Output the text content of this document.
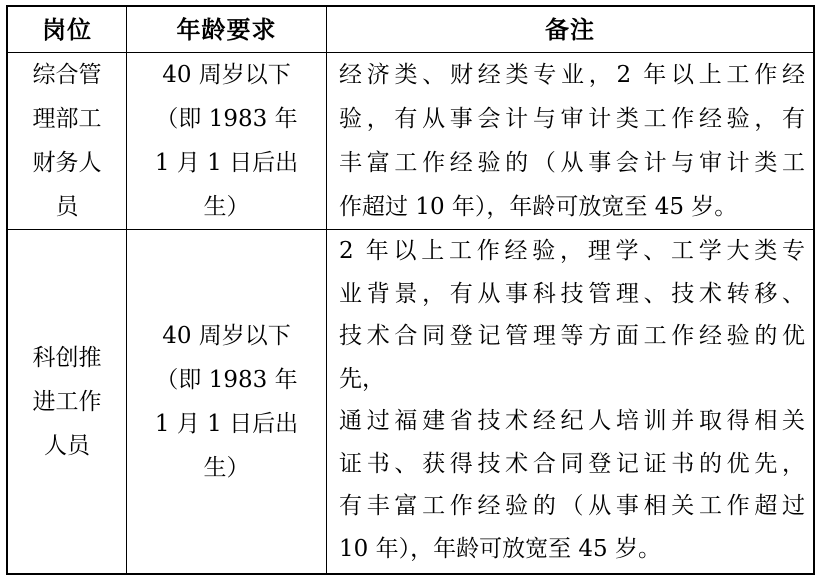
岗位	年龄要求	备注
综合管
理部工
财务人
员
40 周岁以下
（即 1983 年
1 月 1 日后出
生）
经济类、财经类专业，2 年以上工作经
验，有从事会计与审计类工作经验，有
丰富工作经验的（从事会计与审计类工
作超过 10 年），年龄可放宽至 45 岁。
科创推
进工作
人员
40 周岁以下
（即 1983 年
1 月 1 日后出
生）
2 年以上工作经验，理学、工学大类专
业背景，有从事科技管理、技术转移、
技术合同登记管理等方面工作经验的优
先，
通过福建省技术经纪人培训并取得相关
证书、获得技术合同登记证书的优先，
有丰富工作经验的（从事相关工作超过
10 年），年龄可放宽至 45 岁。
